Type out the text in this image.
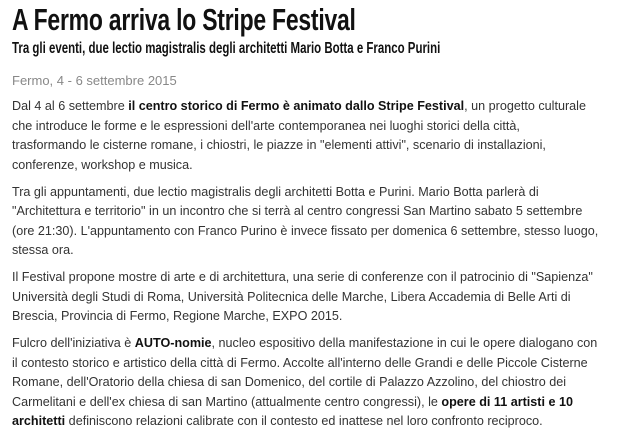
A Fermo arriva lo Stripe Festival
Tra gli eventi, due lectio magistralis degli architetti Mario Botta e Franco Purini
Fermo, 4 - 6 settembre 2015

Dal 4 al 6 settembre il centro storico di Fermo è animato dallo Stripe Festival, un progetto culturale
che introduce le forme e le espressioni dell'arte contemporanea nei luoghi storici della città,
trasformando le cisterne romane, i chiostri, le piazze in "elementi attivi", scenario di installazioni,
conferenze, workshop e musica.

Tra gli appuntamenti, due lectio magistralis degli architetti Botta e Purini. Mario Botta parlerà di
"Architettura e territorio" in un incontro che si terrà al centro congressi San Martino sabato 5 settembre
(ore 21:30). L'appuntamento con Franco Purino è invece fissato per domenica 6 settembre, stesso luogo,
stessa ora.

Il Festival propone mostre di arte e di architettura, una serie di conferenze con il patrocinio di "Sapienza"
Università degli Studi di Roma, Università Politecnica delle Marche, Libera Accademia di Belle Arti di
Brescia, Provincia di Fermo, Regione Marche, EXPO 2015.

Fulcro dell'iniziativa è AUTO-nomie, nucleo espositivo della manifestazione in cui le opere dialogano con
il contesto storico e artistico della città di Fermo. Accolte all'interno delle Grandi e delle Piccole Cisterne
Romane, dell'Oratorio della chiesa di san Domenico, del cortile di Palazzo Azzolino, del chiostro dei
Carmelitani e dell'ex chiesa di san Martino (attualmente centro congressi), le opere di 11 artisti e 10
architetti definiscono relazioni calibrate con il contesto ed inattese nel loro confronto reciproco.
